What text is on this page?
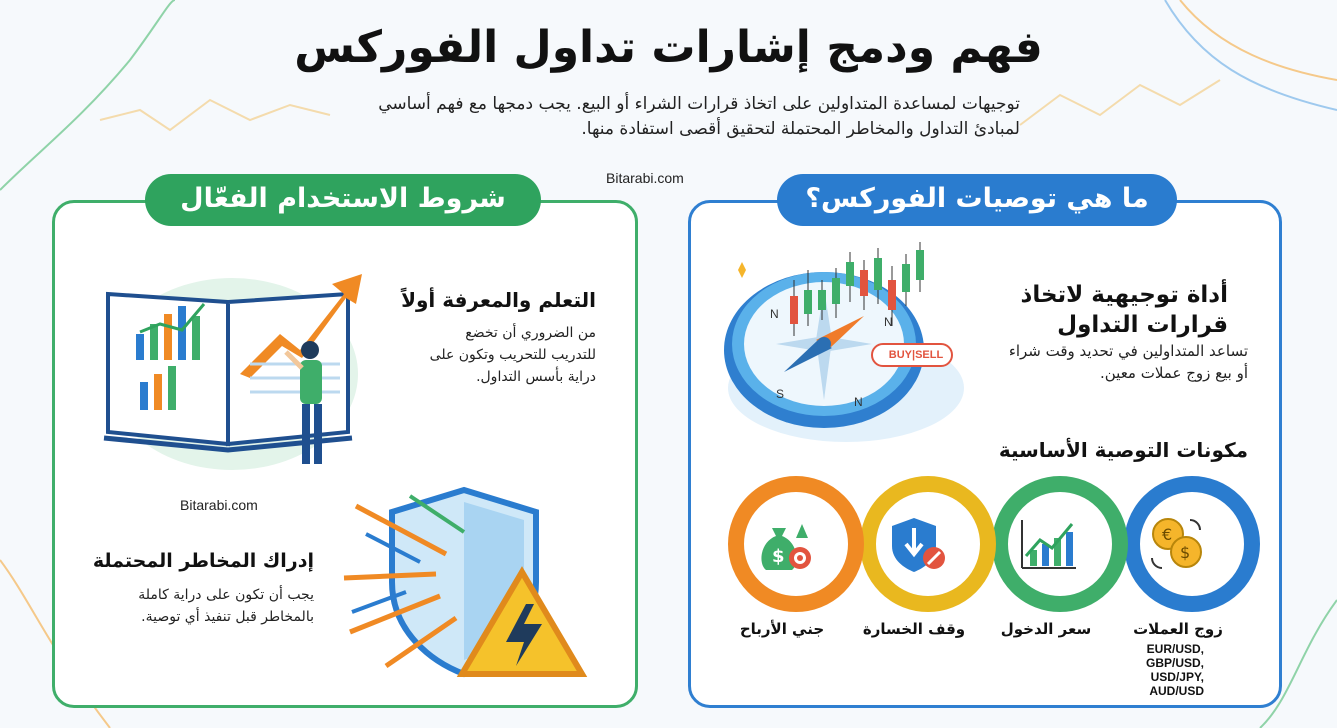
فهم ودمج إشارات تداول الفوركس
توجيهات لمساعدة المتداولين على اتخاذ قرارات الشراء أو البيع. يجب دمجها مع فهم أساسي لمبادئ التداول والمخاطر المحتملة لتحقيق أقصى استفادة منها.
Bitarabi.com
ما هي توصيات الفوركس؟
N
N
S
N
BUY|SELL
أداة توجيهية لاتخاذ قرارات التداول
تساعد المتداولين في تحديد وقت شراء أو بيع زوج عملات معين.
مكونات التوصية الأساسية
€
$
$
زوج العملات
سعر الدخول
وقف الخسارة
جني الأرباح
EUR/USD,
GBP/USD,
USD/JPY,
AUD/USD
شروط الاستخدام الفعّال
التعلم والمعرفة أولاً
من الضروري أن تخضع للتدريب للتحريب وتكون على دراية بأسس التداول.
Bitarabi.com
إدراك المخاطر المحتملة
يجب أن تكون على دراية كاملة بالمخاطر قبل تنفيذ أي توصية.
